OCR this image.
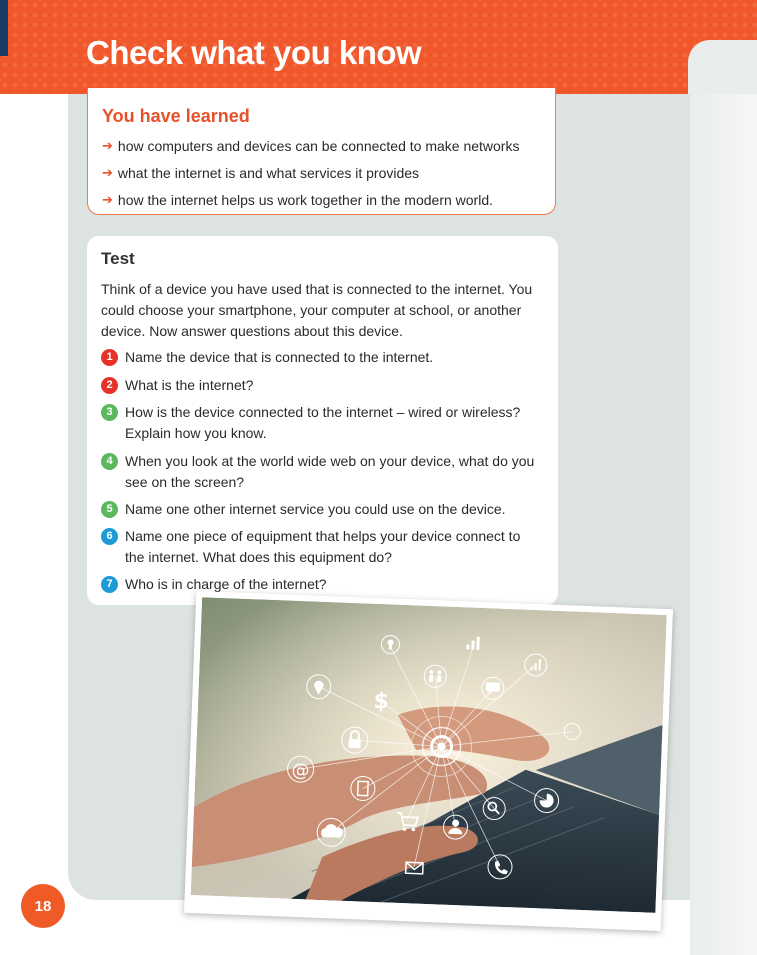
Check what you know
You have learned
➔ how computers and devices can be connected to make networks
➔ what the internet is and what services it provides
➔ how the internet helps us work together in the modern world.
Test
Think of a device you have used that is connected to the internet. You could choose your smartphone, your computer at school, or another device. Now answer questions about this device.
1 Name the device that is connected to the internet.
2 What is the internet?
3 How is the device connected to the internet – wired or wireless? Explain how you know.
4 When you look at the world wide web on your device, what do you see on the screen?
5 Name one other internet service you could use on the device.
6 Name one piece of equipment that helps your device connect to the internet. What does this equipment do?
7 Who is in charge of the internet?
$
@
18
